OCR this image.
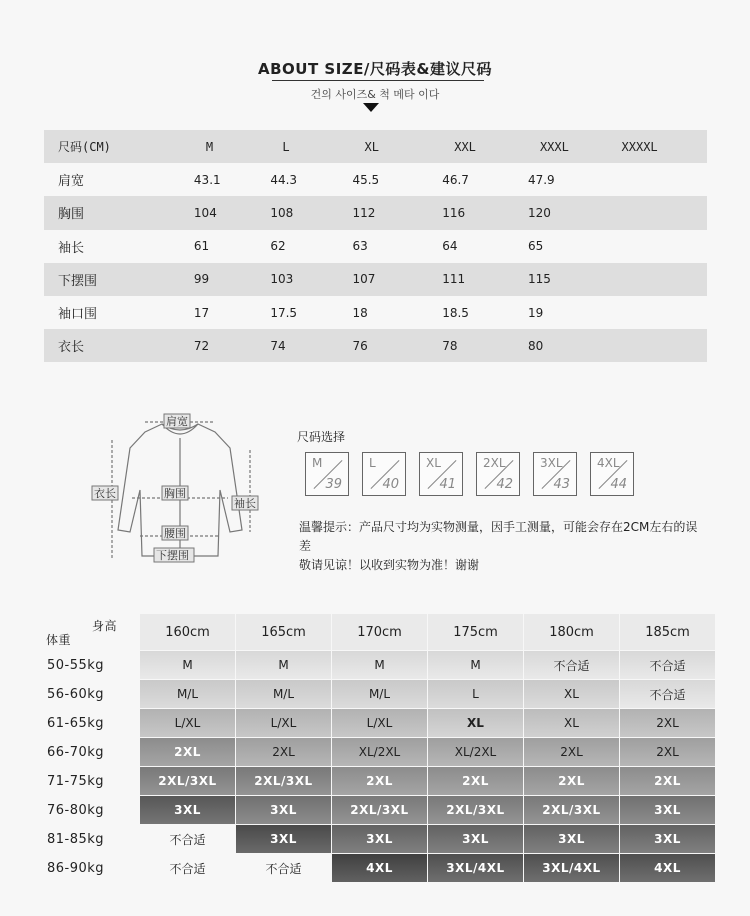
ABOUT SIZE/尺码表&建议尺码
건의 사이즈& 척 메타 이다
尺码(CM)	M	L	XL	XXL	XXXL	XXXXL
肩宽	43.1	44.3	45.5	46.7	47.9	
胸围	104	108	112	116	120	
袖长	61	62	63	64	65	
下摆围	99	103	107	111	115	
袖口围	17	17.5	18	18.5	19	
衣长	72	74	76	78	80	
肩宽
胸围
腰围
下摆围
衣长
袖长
尺码选择
M
39
L
40
XL
41
2XL
42
3XL
43
4XL
44
温馨提示：产品尺寸均为实物测量，因手工测量，可能会存在2CM左右的误差
敬请见谅！以收到实物为准！谢谢
身高
体重	160cm	165cm	170cm	175cm	180cm	185cm
50-55kg	M	M	M	M	不合适	不合适
56-60kg	M/L	M/L	M/L	L	XL	不合适
61-65kg	L/XL	L/XL	L/XL	XL	XL	2XL
66-70kg	2XL	2XL	XL/2XL	XL/2XL	2XL	2XL
71-75kg	2XL/3XL	2XL/3XL	2XL	2XL	2XL	2XL
76-80kg	3XL	3XL	2XL/3XL	2XL/3XL	2XL/3XL	3XL
81-85kg	不合适	3XL	3XL	3XL	3XL	3XL
86-90kg	不合适	不合适	4XL	3XL/4XL	3XL/4XL	4XL
